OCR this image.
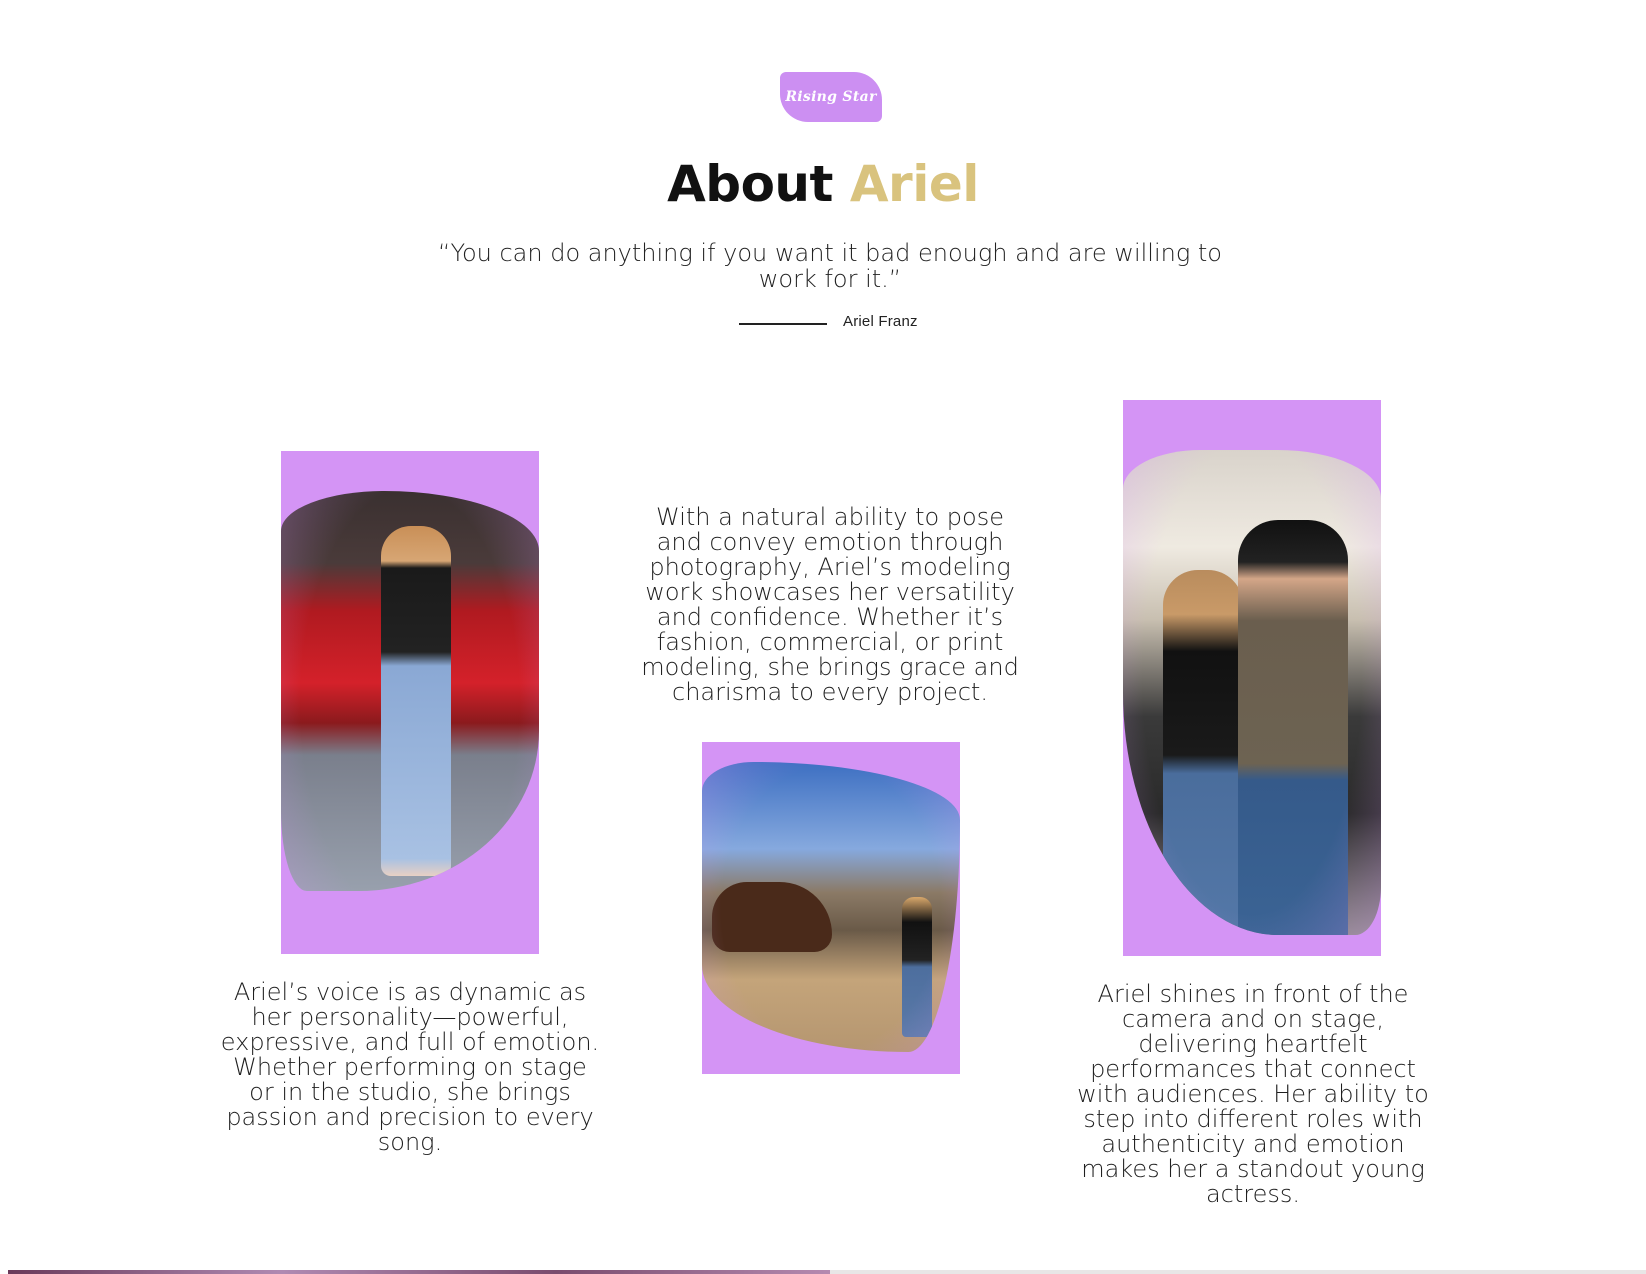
Rising Star
About Ariel
“You can do anything if you want it bad enough and are willing to work for it.”
Ariel Franz
With a natural ability to pose and convey emotion through photography, Ariel’s modeling work showcases her versatility and confidence. Whether it’s fashion, commercial, or print modeling, she brings grace and charisma to every project.
Ariel’s voice is as dynamic as her personality—powerful, expressive, and full of emotion. Whether performing on stage or in the studio, she brings passion and precision to every song.
Ariel shines in front of the camera and on stage, delivering heartfelt performances that connect with audiences. Her ability to step into different roles with authenticity and emotion makes her a standout young actress.
